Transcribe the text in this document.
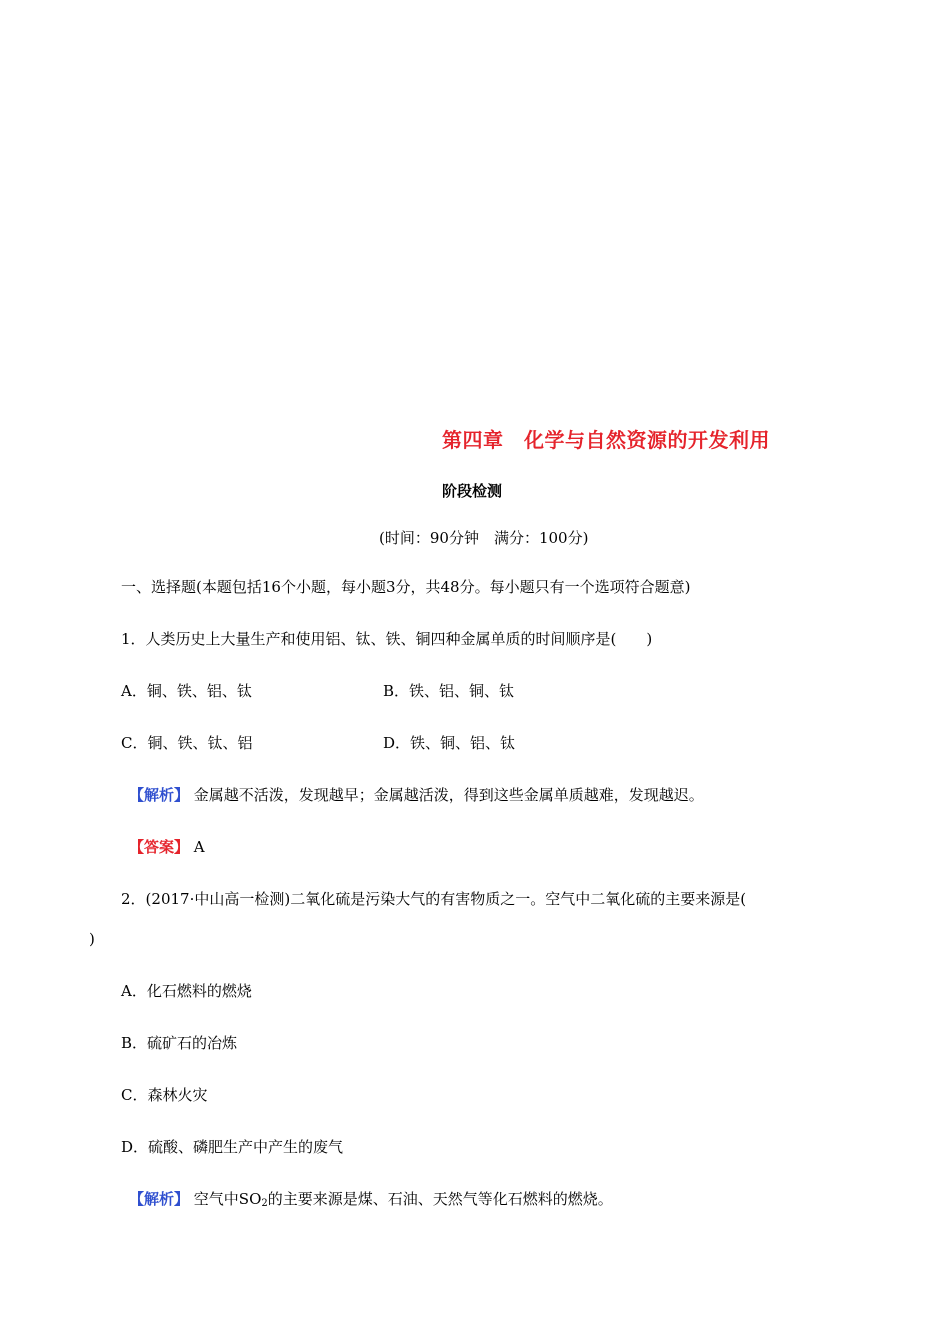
第四章　化学与自然资源的开发利用
阶段检测
(时间：90分钟　满分：100分)
一、选择题(本题包括16个小题，每小题3分，共48分。每小题只有一个选项符合题意)
1．人类历史上大量生产和使用铝、钛、铁、铜四种金属单质的时间顺序是(　　)
A．铜、铁、铝、钛	B．铁、铝、铜、钛
C．铜、铁、钛、铝	D．铁、铜、铝、钛
【解析】 金属越不活泼，发现越早；金属越活泼，得到这些金属单质越难，发现越迟。
【答案】 A
2．(2017·中山高一检测)二氧化硫是污染大气的有害物质之一。空气中二氧化硫的主要来源是(
)
A．化石燃料的燃烧
B．硫矿石的冶炼
C．森林火灾
D．硫酸、磷肥生产中产生的废气
【解析】 空气中$SO_2$的主要来源是煤、石油、天然气等化石燃料的燃烧。
